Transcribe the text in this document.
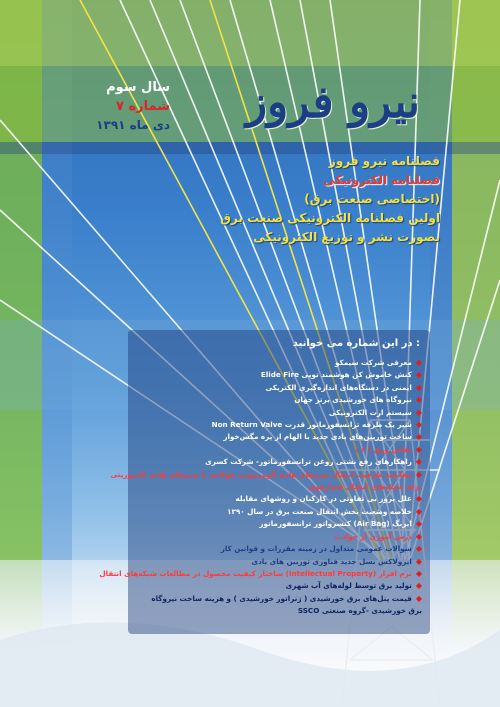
نیرو فروز
سال سوم
شماره ۷
دی ماه ۱۳۹۱
فصلنامه نیرو فروز
فصلنامه الکترونیکی
(اختصاصی صنعت برق)
اولین فصلنامه الکترونیکی صنعت برق
بصورت نشر و توزیع الکترونیکی
در این شماره می خوانید :
◆معرفی شرکت سیمکو
◆کنش خاموش کن هوشمند توپی Elide Fire
◆ایمنی در دستگاه‌های اندازه‌گیری الکتریکی
◆نیروگاه های خورشیدی برتر جهان
◆سیستم ارت الکترونیکی
◆شیر یک طرفه ترانسفورماتور قدرت Non Return Valve
◆ساخت توربین‌های بادی جدید با الهام از پره مگس‌خوار
◆نقاش ورق ( ۶ )
◆راهکارهای رفع نشتی روغن ترانسفورماتور- شرکت کسری
◆مقایسه ظرفیت انتقال سیم‌های هادی آلومینیومی فولادی با سیم‌های هادی کامپوزیتی
برای شبکه‌های انتقال فشارقوی
◆علل بروز بی تفاوتی در کارکنان و روشهای مقابله
◆خلاصه وضعیت بخش انتقال صنعت برق در سال ۱۳۹۰
◆ایربگ (Air Bag) کنسرواتور ترانسفورماتور
◆درس آموزی از حوادث
◆سوالات عمومی متداول در زمینه مقررات و قوانین کار
◆ایرولاکس نسل جدید فناوری توربین های بادی
◆نرم افزار (Intellectual Property) ساختار کیفیت محصول در مطالعات شبکه‌های انتقال
◆تولید برق توسط لوله‌های آب شهری
◆قیمت پنل‌های برق خورشیدی ( ژنراتور خورشیدی ) و هزینه ساخت نیروگاه
برق خورشیدی -گروه صنعتی SSCO
